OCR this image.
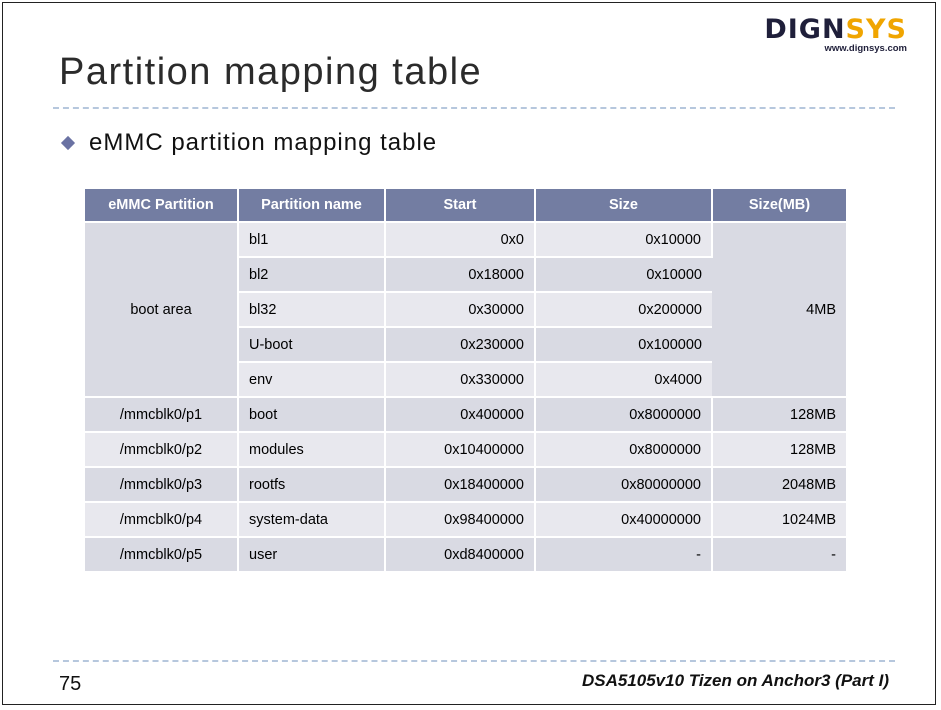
DIGNSYS
www.dignsys.com
Partition mapping table
eMMC partition mapping table
eMMC Partition	Partition name	Start	Size	Size(MB)
boot area	bl1	0x0	0x10000	4MB
	bl2	0x18000	0x10000	
	bl32	0x30000	0x200000	
	U-boot	0x230000	0x100000	
	env	0x330000	0x4000	
/mmcblk0/p1	boot	0x400000	0x8000000	128MB
/mmcblk0/p2	modules	0x10400000	0x8000000	128MB
/mmcblk0/p3	rootfs	0x18400000	0x80000000	2048MB
/mmcblk0/p4	system-data	0x98400000	0x40000000	1024MB
/mmcblk0/p5	user	0xd8400000	-	-
75	DSA5105v10 Tizen on Anchor3 (Part I)
